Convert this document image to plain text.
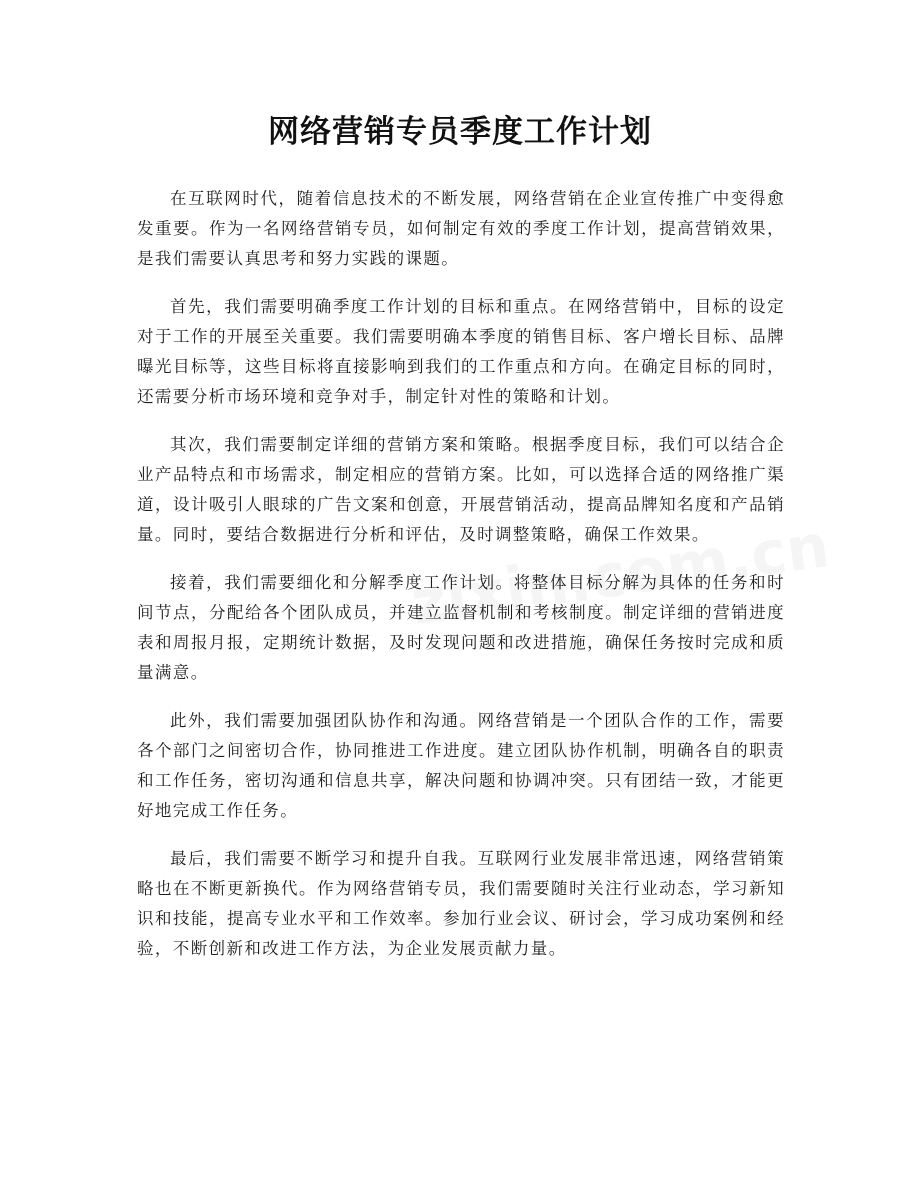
网络营销专员季度工作计划

在互联网时代，随着信息技术的不断发展，网络营销在企业宣传推广中变得愈发重要。作为一名网络营销专员，如何制定有效的季度工作计划，提高营销效果，是我们需要认真思考和努力实践的课题。

首先，我们需要明确季度工作计划的目标和重点。在网络营销中，目标的设定对于工作的开展至关重要。我们需要明确本季度的销售目标、客户增长目标、品牌曝光目标等，这些目标将直接影响到我们的工作重点和方向。在确定目标的同时，还需要分析市场环境和竞争对手，制定针对性的策略和计划。

其次，我们需要制定详细的营销方案和策略。根据季度目标，我们可以结合企业产品特点和市场需求，制定相应的营销方案。比如，可以选择合适的网络推广渠道，设计吸引人眼球的广告文案和创意，开展营销活动，提高品牌知名度和产品销量。同时，要结合数据进行分析和评估，及时调整策略，确保工作效果。

接着，我们需要细化和分解季度工作计划。将整体目标分解为具体的任务和时间节点，分配给各个团队成员，并建立监督机制和考核制度。制定详细的营销进度表和周报月报，定期统计数据，及时发现问题和改进措施，确保任务按时完成和质量满意。

此外，我们需要加强团队协作和沟通。网络营销是一个团队合作的工作，需要各个部门之间密切合作，协同推进工作进度。建立团队协作机制，明确各自的职责和工作任务，密切沟通和信息共享，解决问题和协调冲突。只有团结一致，才能更好地完成工作任务。

最后，我们需要不断学习和提升自我。互联网行业发展非常迅速，网络营销策略也在不断更新换代。作为网络营销专员，我们需要随时关注行业动态，学习新知识和技能，提高专业水平和工作效率。参加行业会议、研讨会，学习成功案例和经验，不断创新和改进工作方法，为企业发展贡献力量。
